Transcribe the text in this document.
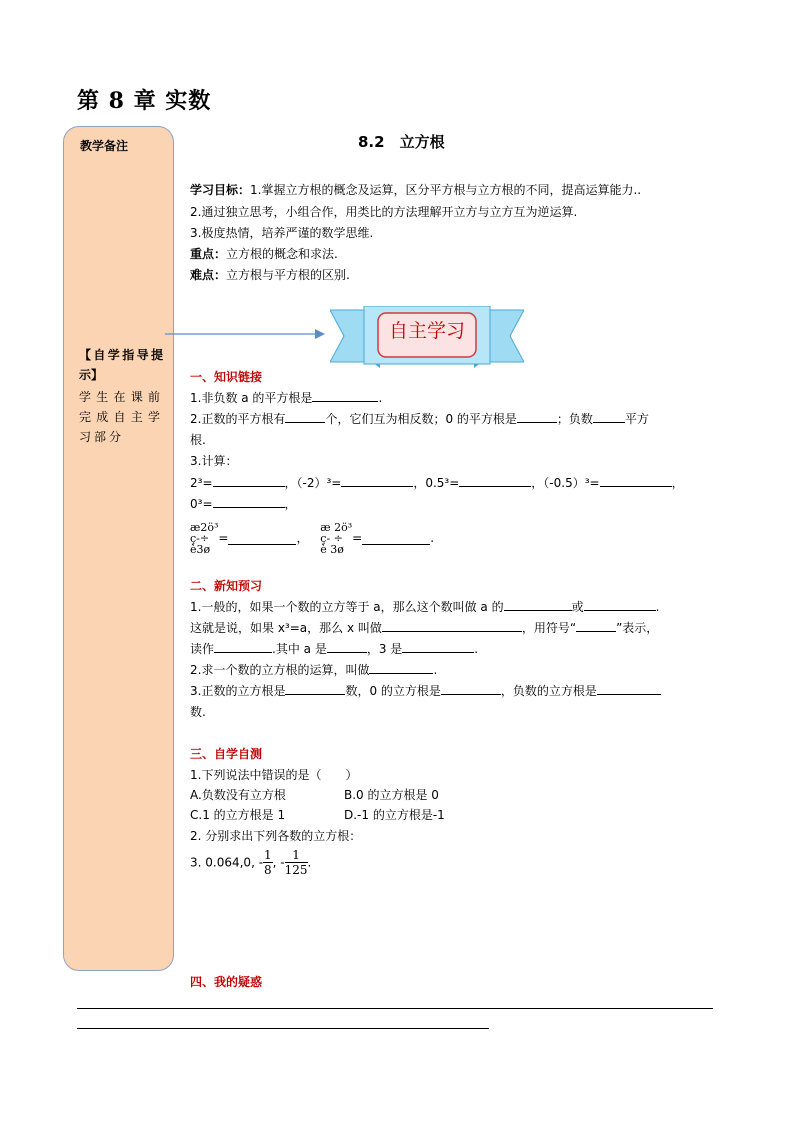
第 8 章 实数
教学备注
【自学指导提示】
学生在课前完成自主学习部分
8.2　立方根
学习目标：1.掌握立方根的概念及运算，区分平方根与立方根的不同，提高运算能力..
2.通过独立思考，小组合作，用类比的方法理解开立方与立方互为逆运算.
3.极度热情，培养严谨的数学思维.
重点：立方根的概念和求法.
难点：立方根与平方根的区别.
自主学习
一、知识链接
1.非负数 a 的平方根是	.
2.正数的平方根有	个，它们互为相反数；0 的平方根是	；负数	平方
根.
3.计算：
2³=	，（-2）³=	，0.5³=	，（-0.5）³=	，
0³=	，
æ2ö³
ç-÷
è3ø
=	，
æ 2ö³
ç- ÷
è 3ø
=	.
二、新知预习
1.一般的，如果一个数的立方等于 a，那么这个数叫做 a 的	或	.
这就是说，如果 x³=a，那么 x 叫做	，用符号“	”表示，
读作	.其中 a 是	，3 是	.
2.求一个数的立方根的运算，叫做	.
3.正数的立方根是	数，0 的立方根是	，负数的立方根是
数.
三、自学自测
1.下列说法中错误的是（　　）
A.负数没有立方根	B.0 的立方根是 0
C.1 的立方根是 1	D.-1 的立方根是-1
2. 分别求出下列各数的立方根：
3. 0.064,0, - $\frac{1}{8}$ , - $\frac{1}{125}$ .
四、我的疑惑
